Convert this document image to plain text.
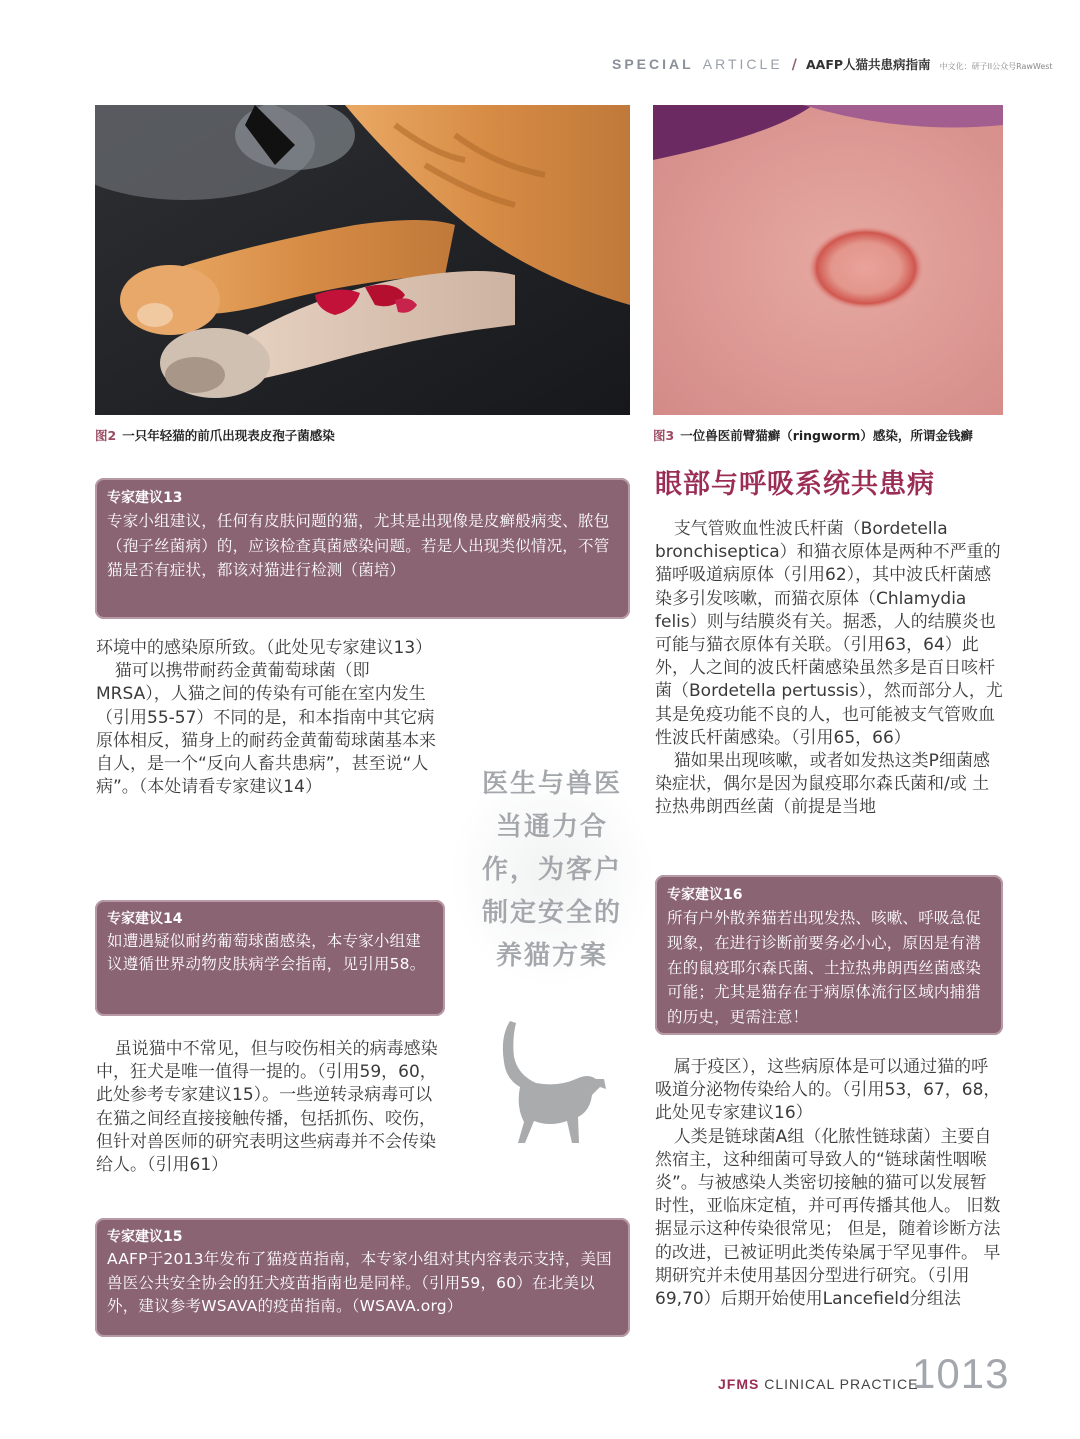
SPECIAL ARTICLE / AAFP人猫共患病指南 中文化：研子ll公众号RawWest
图2 一只年轻猫的前爪出现表皮孢子菌感染	图3 一位兽医前臂猫癣（ringworm）感染，所谓金钱癣
专家建议13
专家小组建议，任何有皮肤问题的猫，尤其是出现像是皮癣般病变、脓包（孢子丝菌病）的，应该检查真菌感染问题。若是人出现类似情况，不管猫是否有症状，都该对猫进行检测（菌培）

环境中的感染原所致。（此处见专家建议13）

猫可以携带耐药金黄葡萄球菌（即MRSA），人猫之间的传染有可能在室内发生（引用55-57）不同的是，和本指南中其它病原体相反，猫身上的耐药金黄葡萄球菌基本来自人，是一个“反向人畜共患病”，甚至说“人病”。（本处请看专家建议14）	医生与兽医
当通力合
作，为客户
制定安全的
养猫方案
专家建议14
如遭遇疑似耐药葡萄球菌感染，本专家小组建议遵循世界动物皮肤病学会指南，见引用58。

虽说猫中不常见，但与咬伤相关的病毒感染中，狂犬是唯一值得一提的。（引用59，60，此处参考专家建议15）。一些逆转录病毒可以在猫之间经直接接触传播，包括抓伤、咬伤，但针对兽医师的研究表明这些病毒并不会传染给人。（引用61）

专家建议15
AAFP于2013年发布了猫疫苗指南，本专家小组对其内容表示支持，美国兽医公共安全协会的狂犬疫苗指南也是同样。（引用59，60）在北美以外，建议参考WSAVA的疫苗指南。（WSAVA.org）
眼部与呼吸系统共患病

支气管败血性波氏杆菌（Bordetella bronchiseptica）和猫衣原体是两种不严重的猫呼吸道病原体（引用62），其中波氏杆菌感染多引发咳嗽，而猫衣原体（Chlamydia felis）则与结膜炎有关。据悉，人的结膜炎也可能与猫衣原体有关联。（引用63，64）此外，人之间的波氏杆菌感染虽然多是百日咳杆菌（Bordetella pertussis），然而部分人，尤其是免疫功能不良的人，也可能被支气管败血性波氏杆菌感染。（引用65，66）

猫如果出现咳嗽，或者如发热这类P细菌感染症状，偶尔是因为鼠疫耶尔森氏菌和/或 土拉热弗朗西丝菌（前提是当地

专家建议16
所有户外散养猫若出现发热、咳嗽、呼吸急促现象，在进行诊断前要务必小心，原因是有潜在的鼠疫耶尔森氏菌、土拉热弗朗西丝菌感染可能；尤其是猫存在于病原体流行区域内捕猎的历史，更需注意！

属于疫区），这些病原体是可以通过猫的呼吸道分泌物传染给人的。（引用53，67，68，此处见专家建议16）

人类是链球菌A组（化脓性链球菌）主要自然宿主，这种细菌可导致人的“链球菌性咽喉炎”。与被感染人类密切接触的猫可以发展暂时性，亚临床定植，并可再传播其他人。 旧数据显示这种传染很常见； 但是，随着诊断方法的改进，已被证明此类传染属于罕见事件。 早期研究并未使用基因分型进行研究。（引用69,70）后期开始使用Lancefield分组法

JFMS CLINICAL PRACTICE
1013
